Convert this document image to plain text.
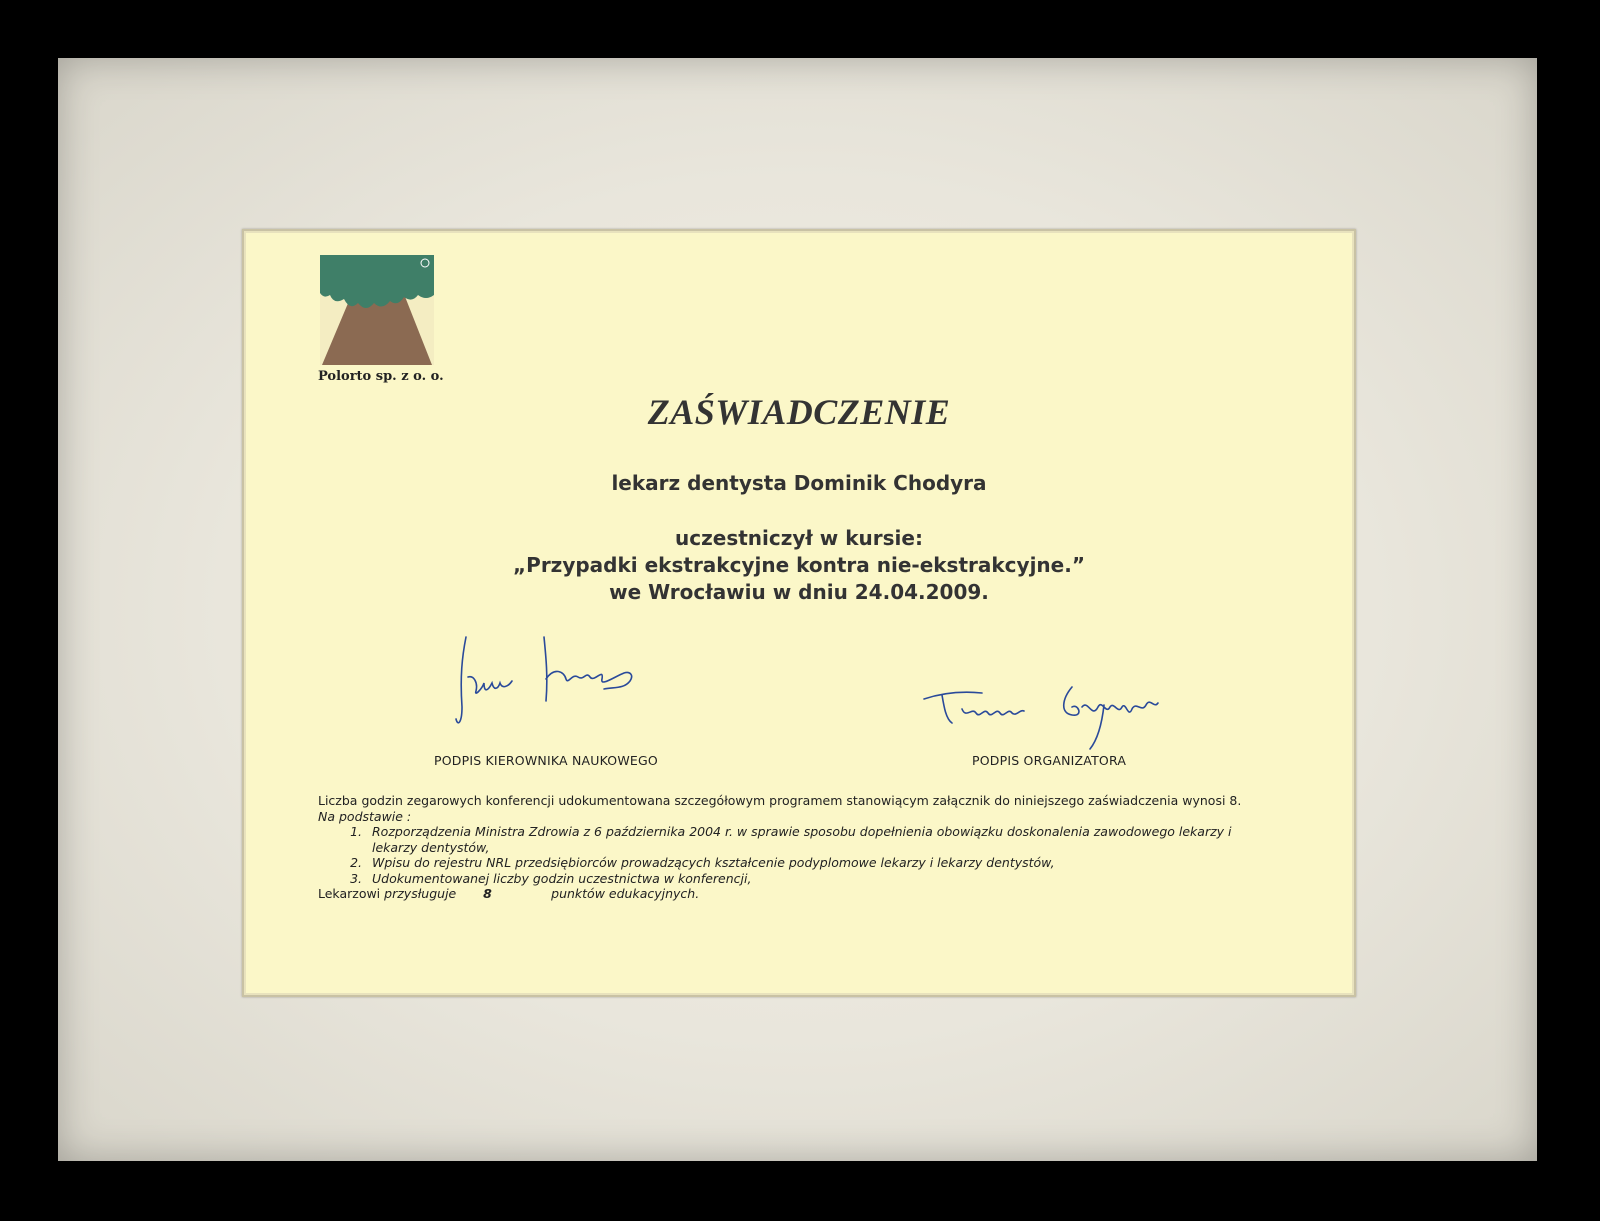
Polorto sp. z o. o.
ZAŚWIADCZENIE
lekarz dentysta Dominik Chodyra
uczestniczył w kursie:
„Przypadki ekstrakcyjne kontra nie-ekstrakcyjne.”
we Wrocławiu w dniu 24.04.2009.
PODPIS KIEROWNIKA NAUKOWEGO	PODPIS ORGANIZATORA
Liczba godzin zegarowych konferencji udokumentowana szczegółowym programem stanowiącym załącznik do niniejszego zaświadczenia wynosi 8.
Na podstawie :
1. Rozporządzenia Ministra Zdrowia z 6 października 2004 r. w sprawie sposobu dopełnienia obowiązku doskonalenia zawodowego lekarzy i lekarzy dentystów,
2. Wpisu do rejestru NRL przedsiębiorców prowadzących kształcenie podyplomowe lekarzy i lekarzy dentystów,
3. Udokumentowanej liczby godzin uczestnictwa w konferencji,
Lekarzowi przysługuje 8	punktów edukacyjnych.
